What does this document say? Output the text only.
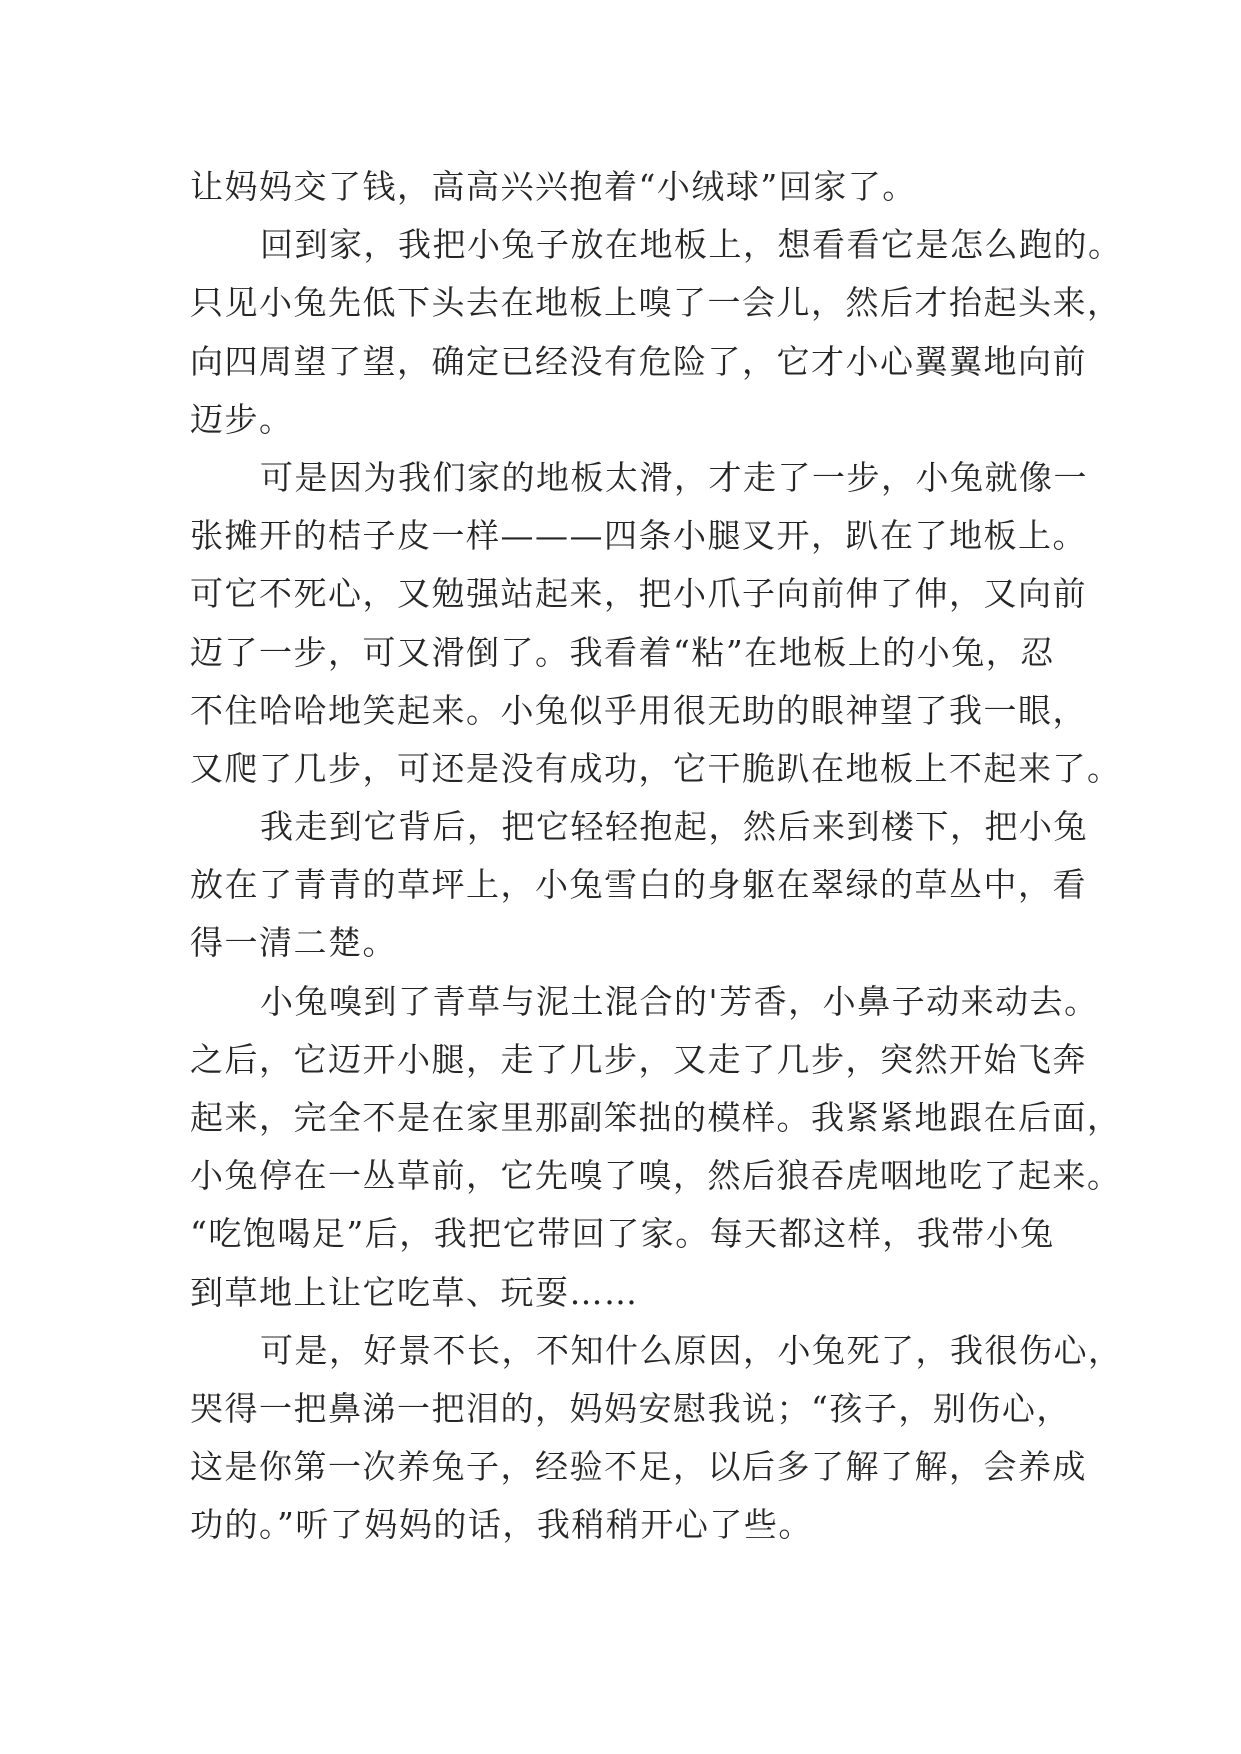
让妈妈交了钱，高高兴兴抱着“小绒球”回家了。
回到家，我把小兔子放在地板上，想看看它是怎么跑的。
只见小兔先低下头去在地板上嗅了一会儿，然后才抬起头来，
向四周望了望，确定已经没有危险了，它才小心翼翼地向前
迈步。
可是因为我们家的地板太滑，才走了一步，小兔就像一
张摊开的桔子皮一样———四条小腿叉开，趴在了地板上。
可它不死心，又勉强站起来，把小爪子向前伸了伸，又向前
迈了一步，可又滑倒了。我看着“粘”在地板上的小兔，忍
不住哈哈地笑起来。小兔似乎用很无助的眼神望了我一眼，
又爬了几步，可还是没有成功，它干脆趴在地板上不起来了。
我走到它背后，把它轻轻抱起，然后来到楼下，把小兔
放在了青青的草坪上，小兔雪白的身躯在翠绿的草丛中，看
得一清二楚。
小兔嗅到了青草与泥土混合的'芳香，小鼻子动来动去。
之后，它迈开小腿，走了几步，又走了几步，突然开始飞奔
起来，完全不是在家里那副笨拙的模样。我紧紧地跟在后面，
小兔停在一丛草前，它先嗅了嗅，然后狼吞虎咽地吃了起来。
“吃饱喝足”后，我把它带回了家。每天都这样，我带小兔
到草地上让它吃草、玩耍……
可是，好景不长，不知什么原因，小兔死了，我很伤心，
哭得一把鼻涕一把泪的，妈妈安慰我说；“孩子，别伤心，
这是你第一次养兔子，经验不足，以后多了解了解，会养成
功的。”听了妈妈的话，我稍稍开心了些。
